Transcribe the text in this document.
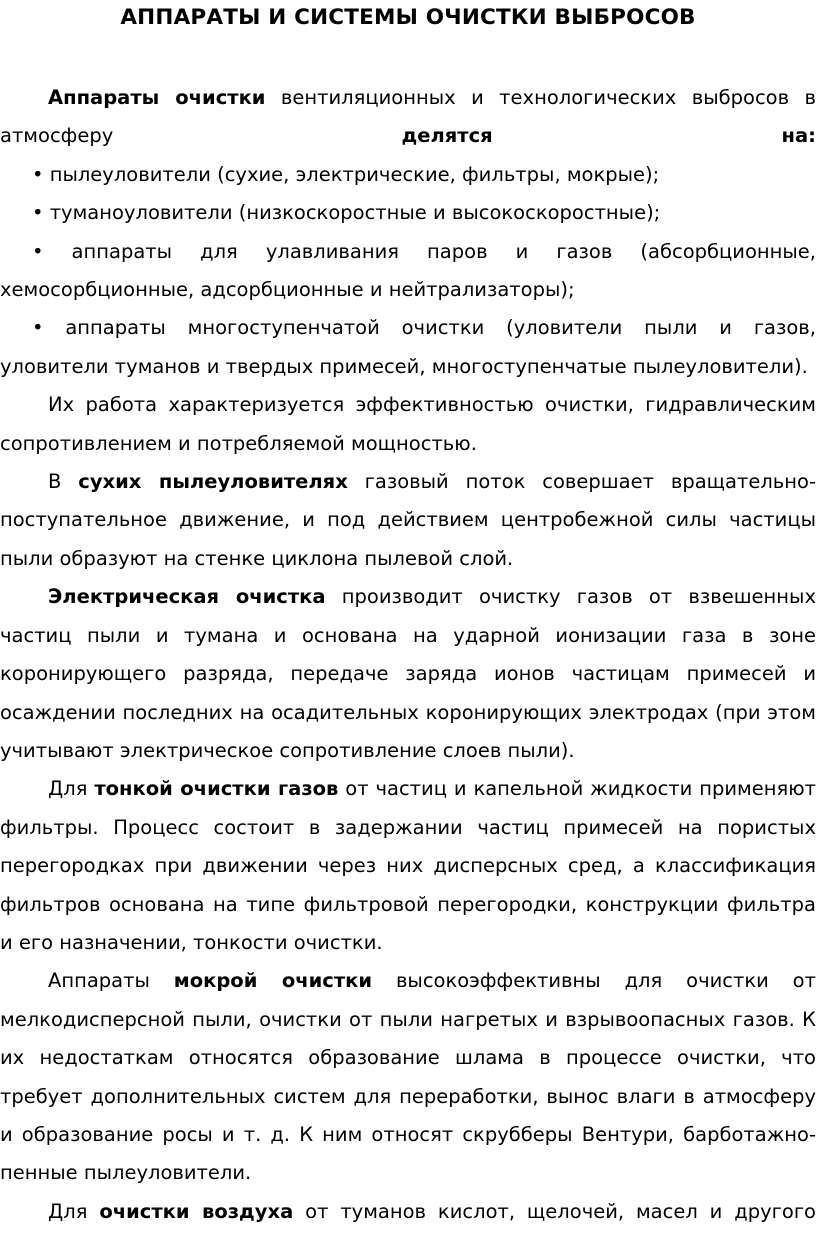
АППАРАТЫ И СИСТЕМЫ ОЧИСТКИ ВЫБРОСОВ

Аппараты очистки вентиляционных и технологических выбросов в атмосферу делятся на:

• пылеуловители (сухие, электрические, фильтры, мокрые);

• туманоуловители (низкоскоростные и высокоскоростные);

• аппараты для улавливания паров и газов (абсорбционные, хемосорбционные, адсорбционные и нейтрализаторы);

• аппараты многоступенчатой очистки (уловители пыли и газов, уловители туманов и твердых примесей, многоступенчатые пылеуловители).

Их работа характеризуется эффективностью очистки, гидравлическим сопротивлением и потребляемой мощностью.

В сухих пылеуловителях газовый поток совершает вращательно-поступательное движение, и под действием центробежной силы частицы пыли образуют на стенке циклона пылевой слой.

Электрическая очистка производит очистку газов от взвешенных частиц пыли и тумана и основана на ударной ионизации газа в зоне коронирующего разряда, передаче заряда ионов частицам примесей и осаждении последних на осадительных коронирующих электродах (при этом учитывают электрическое сопротивление слоев пыли).

Для тонкой очистки газов от частиц и капельной жидкости применяют фильтры. Процесс состоит в задержании частиц примесей на пористых перегородках при движении через них дисперсных сред, а классификация фильтров основана на типе фильтровой перегородки, конструкции фильтра и его назначении, тонкости очистки.

Аппараты мокрой очистки высокоэффективны для очистки от мелкодисперсной пыли, очистки от пыли нагретых и взрывоопасных газов. К их недостаткам относятся образование шлама в процессе очистки, что требует дополнительных систем для переработки, вынос влаги в атмосферу и образование росы и т. д. К ним относят скрубберы Вентури, барботажно-пенные пылеуловители.

Для очистки воздуха от туманов кислот, щелочей, масел и другого
